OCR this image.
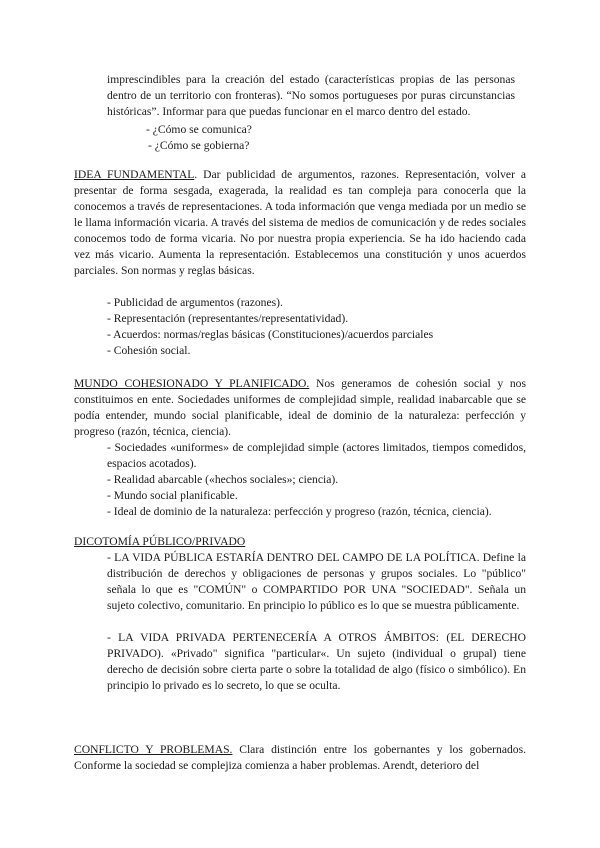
imprescindibles para la creación del estado (características propias de las personas dentro de un territorio con fronteras). “No somos portugueses por puras circunstancias históricas”. Informar para que puedas funcionar en el marco dentro del estado.

- ¿Cómo se comunica?

- ¿Cómo se gobierna?

IDEA FUNDAMENTAL. Dar publicidad de argumentos, razones. Representación, volver a presentar de forma sesgada, exagerada, la realidad es tan compleja para conocerla que la conocemos a través de representaciones. A toda información que venga mediada por un medio se le llama información vicaria. A través del sistema de medios de comunicación y de redes sociales conocemos todo de forma vicaria. No por nuestra propia experiencia. Se ha ido haciendo cada vez más vicario. Aumenta la representación. Establecemos una constitución y unos acuerdos parciales. Son normas y reglas básicas.

- Publicidad de argumentos (razones).

- Representación (representantes/representatividad).

- Acuerdos: normas/reglas básicas (Constituciones)/acuerdos parciales

- Cohesión social.

MUNDO COHESIONADO Y PLANIFICADO. Nos generamos de cohesión social y nos constituimos en ente. Sociedades uniformes de complejidad simple, realidad inabarcable que se podía entender, mundo social planificable, ideal de dominio de la naturaleza: perfección y progreso (razón, técnica, ciencia).

- Sociedades «uniformes» de complejidad simple (actores limitados, tiempos comedidos, espacios acotados).

- Realidad abarcable («hechos sociales»; ciencia).

- Mundo social planificable.

- Ideal de dominio de la naturaleza: perfección y progreso (razón, técnica, ciencia).

DICOTOMÍA PÚBLICO/PRIVADO

- LA VIDA PÚBLICA ESTARÍA DENTRO DEL CAMPO DE LA POLÍTICA. Define la distribución de derechos y obligaciones de personas y grupos sociales. Lo "público" señala lo que es "COMÚN" o COMPARTIDO POR UNA "SOCIEDAD". Señala un sujeto colectivo, comunitario. En principio lo público es lo que se muestra públicamente.

- LA VIDA PRIVADA PERTENECERÍA A OTROS ÁMBITOS: (EL DERECHO PRIVADO). «Privado" significa "particular«. Un sujeto (individual o grupal) tiene derecho de decisión sobre cierta parte o sobre la totalidad de algo (físico o simbólico). En principio lo privado es lo secreto, lo que se oculta.

CONFLICTO Y PROBLEMAS. Clara distinción entre los gobernantes y los gobernados. Conforme la sociedad se complejiza comienza a haber problemas. Arendt, deterioro del
